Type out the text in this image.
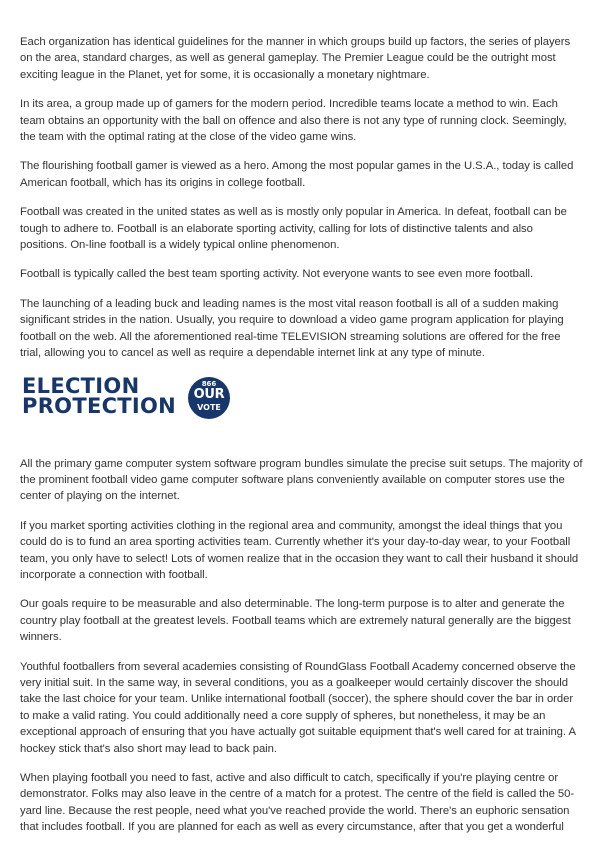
Each organization has identical guidelines for the manner in which groups build up factors, the series of players on the area, standard charges, as well as general gameplay. The Premier League could be the outright most exciting league in the Planet, yet for some, it is occasionally a monetary nightmare.

In its area, a group made up of gamers for the modern period. Incredible teams locate a method to win. Each team obtains an opportunity with the ball on offence and also there is not any type of running clock. Seemingly, the team with the optimal rating at the close of the video game wins.

The flourishing football gamer is viewed as a hero. Among the most popular games in the U.S.A., today is called American football, which has its origins in college football.

Football was created in the united states as well as is mostly only popular in America. In defeat, football can be tough to adhere to. Football is an elaborate sporting activity, calling for lots of distinctive talents and also positions. On-line football is a widely typical online phenomenon.

Football is typically called the best team sporting activity. Not everyone wants to see even more football.

The launching of a leading buck and leading names is the most vital reason football is all of a sudden making significant strides in the nation. Usually, you require to download a video game program application for playing football on the web. All the aforementioned real-time TELEVISION streaming solutions are offered for the free trial, allowing you to cancel as well as require a dependable internet link at any type of minute.

ELECTION
PROTECTION
866
OUR
VOTE

All the primary game computer system software program bundles simulate the precise suit setups. The majority of the prominent football video game computer software plans conveniently available on computer stores use the center of playing on the internet.

If you market sporting activities clothing in the regional area and community, amongst the ideal things that you could do is to fund an area sporting activities team. Currently whether it's your day-to-day wear, to your Football team, you only have to select! Lots of women realize that in the occasion they want to call their husband it should incorporate a connection with football.

Our goals require to be measurable and also determinable. The long-term purpose is to alter and generate the country play football at the greatest levels. Football teams which are extremely natural generally are the biggest winners.

Youthful footballers from several academies consisting of RoundGlass Football Academy concerned observe the very initial suit. In the same way, in several conditions, you as a goalkeeper would certainly discover the should take the last choice for your team. Unlike international football (soccer), the sphere should cover the bar in order to make a valid rating. You could additionally need a core supply of spheres, but nonetheless, it may be an exceptional approach of ensuring that you have actually got suitable equipment that's well cared for at training. A hockey stick that's also short may lead to back pain.

When playing football you need to fast, active and also difficult to catch, specifically if you're playing centre or demonstrator. Folks may also leave in the centre of a match for a protest. The centre of the field is called the 50-yard line. Because the rest people, need what you've reached provide the world. There's an euphoric sensation that includes football. If you are planned for each as well as every circumstance, after that you get a wonderful
